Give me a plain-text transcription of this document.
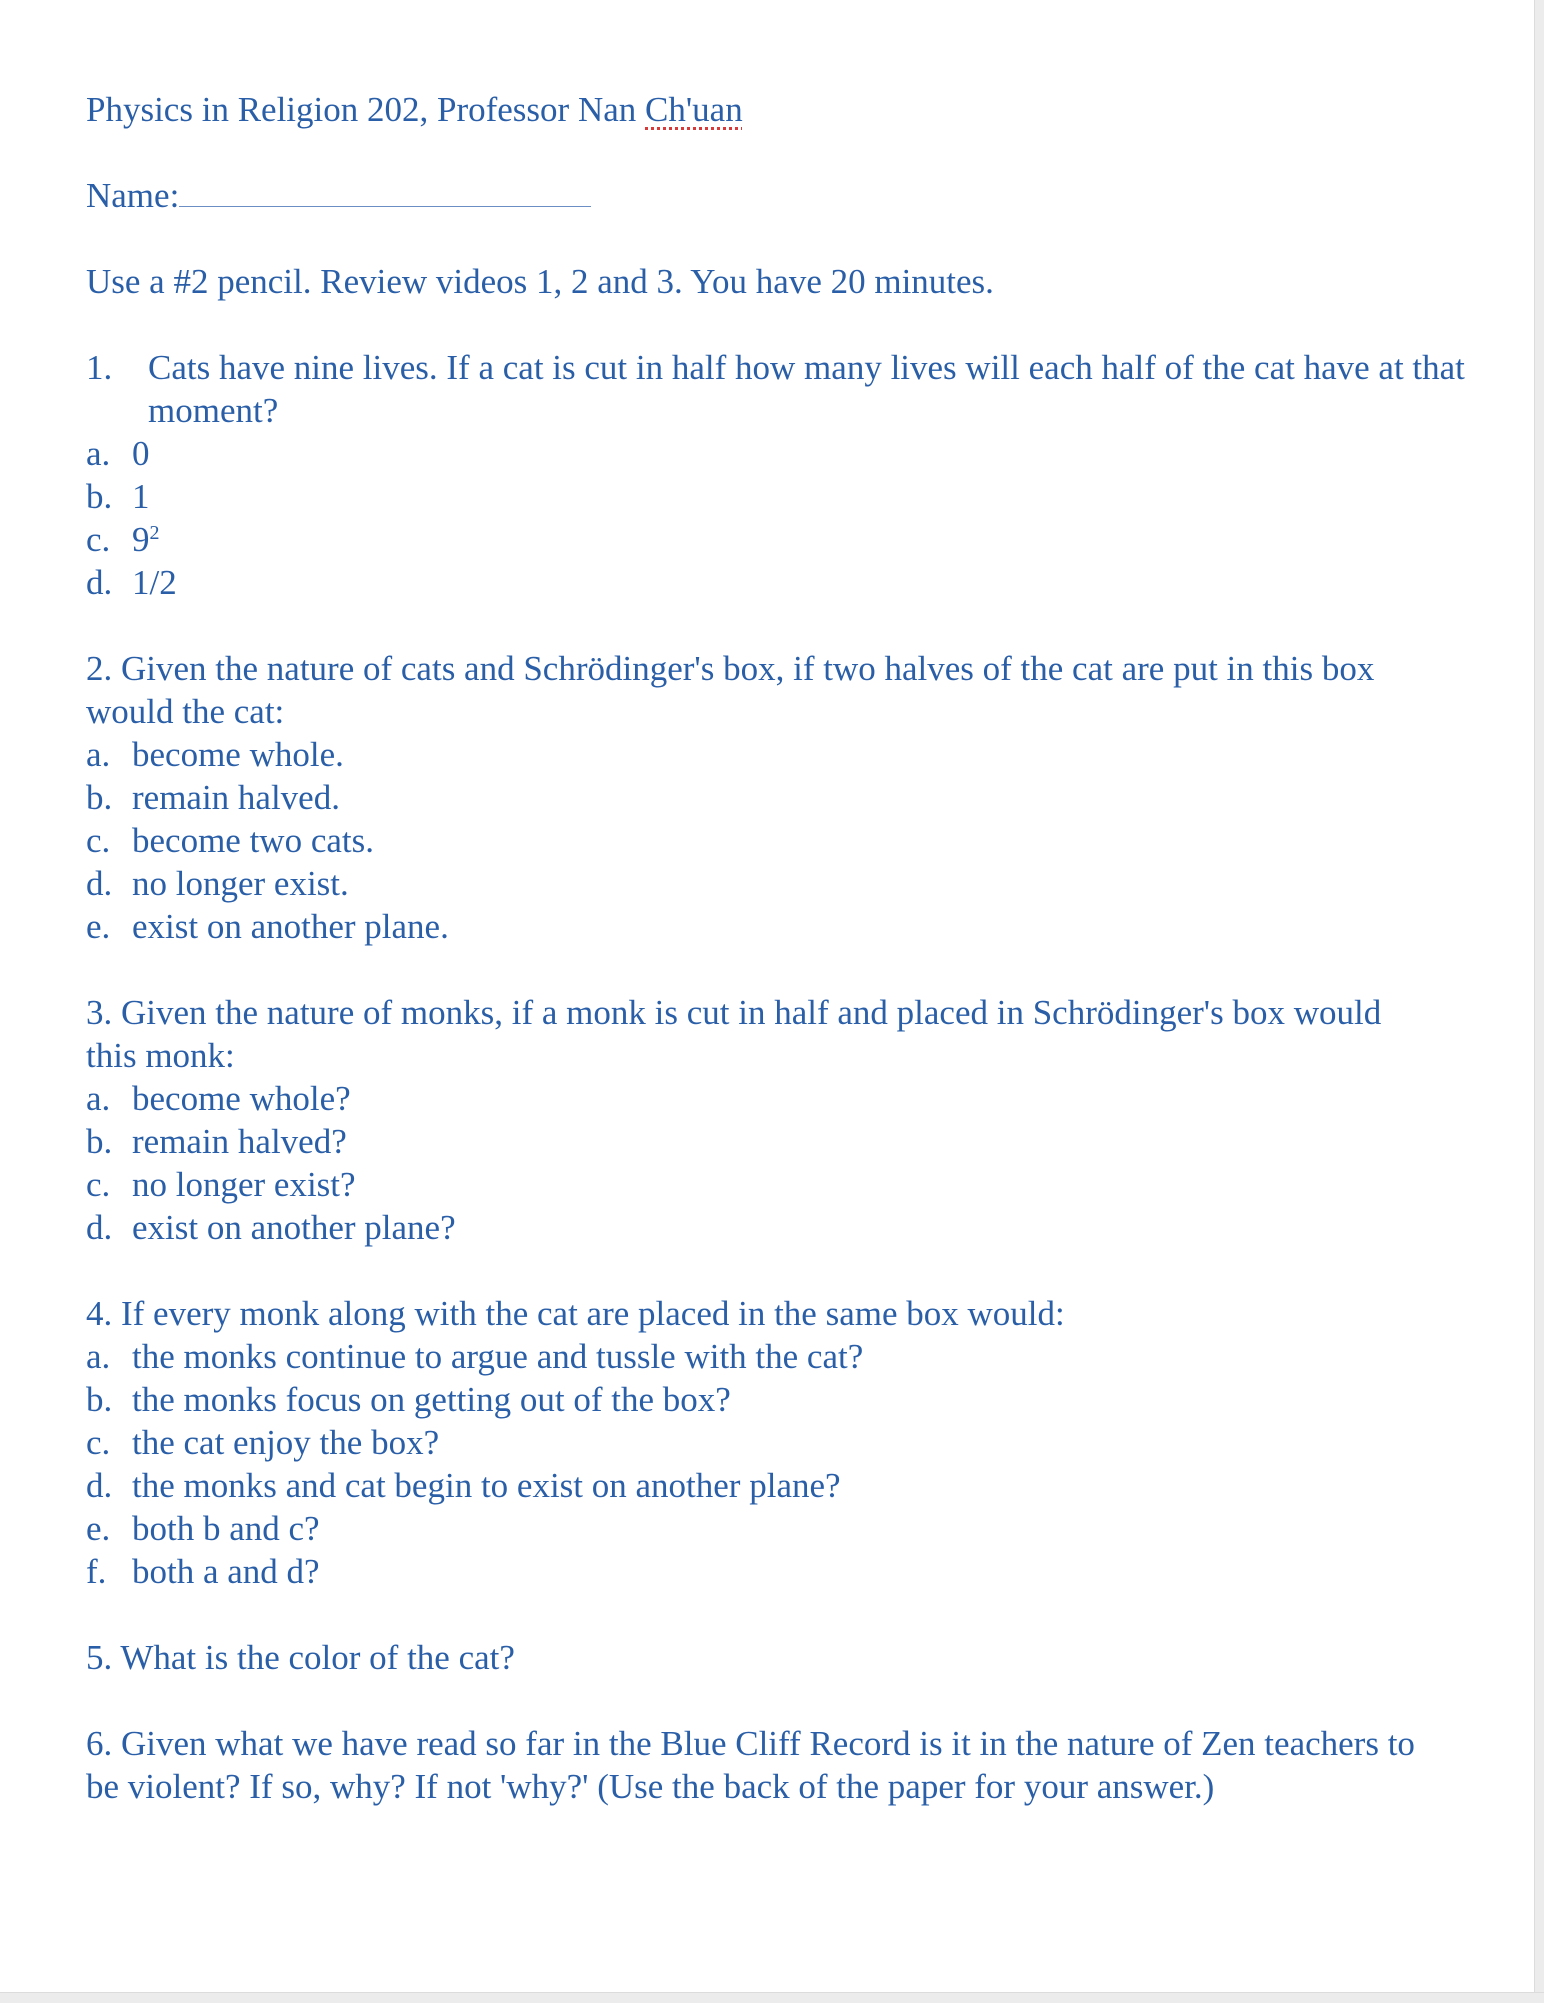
Physics in Religion 202, Professor Nan Ch'uan

Name:

Use a #2 pencil. Review videos 1, 2 and 3. You have 20 minutes.

1. Cats have nine lives. If a cat is cut in half how many lives will each half of the cat have at that moment?
a. 0
b. 1
c. $9^2$
d. 1/2
2. Given the nature of cats and Schrödinger's box, if two halves of the cat are put in this box would the cat:
a. become whole.
b. remain halved.
c. become two cats.
d. no longer exist.
e. exist on another plane.
3. Given the nature of monks, if a monk is cut in half and placed in Schrödinger's box would this monk:
a. become whole?
b. remain halved?
c. no longer exist?
d. exist on another plane?
4. If every monk along with the cat are placed in the same box would:
a. the monks continue to argue and tussle with the cat?
b. the monks focus on getting out of the box?
c. the cat enjoy the box?
d. the monks and cat begin to exist on another plane?
e. both b and c?
f. both a and d?
5. What is the color of the cat?
6. Given what we have read so far in the Blue Cliff Record is it in the nature of Zen teachers to be violent? If so, why? If not 'why?' (Use the back of the paper for your answer.)
